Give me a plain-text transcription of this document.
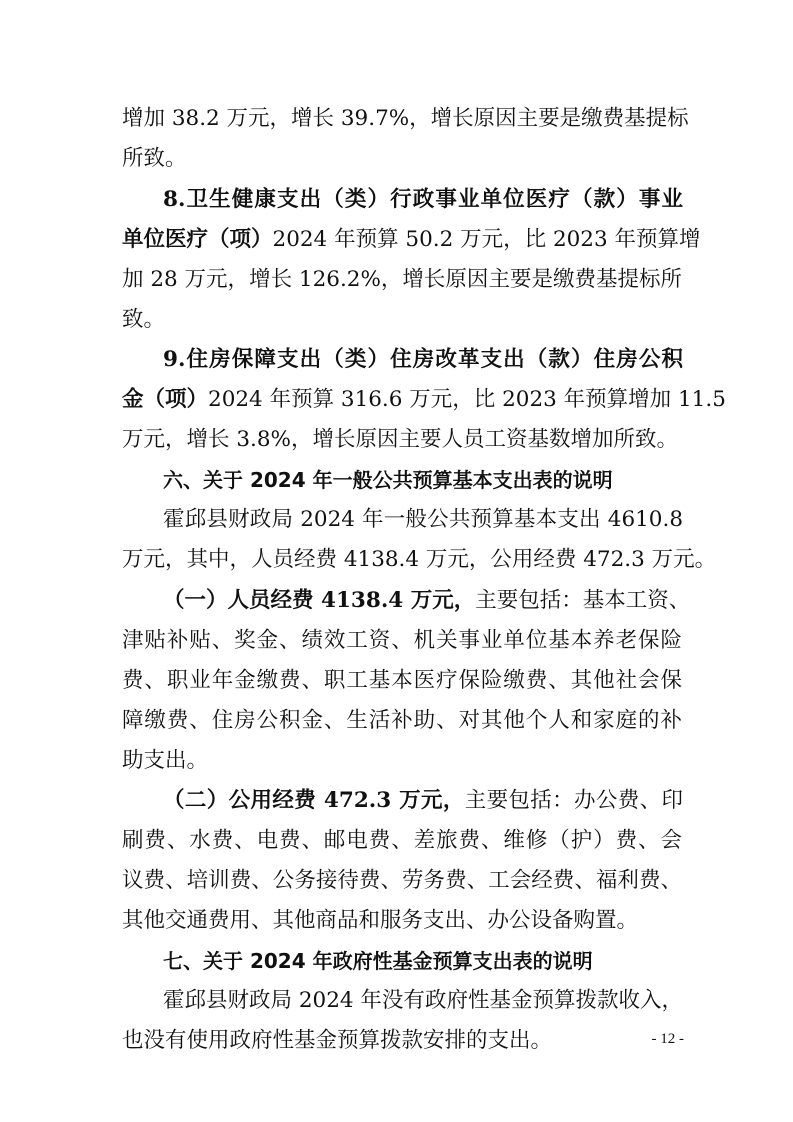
增加 38.2 万元，增长 39.7%，增长原因主要是缴费基提标
所致。
8.卫生健康支出（类）行政事业单位医疗（款）事业
单位医疗（项）2024 年预算 50.2 万元，比 2023 年预算增
加 28 万元，增长 126.2%，增长原因主要是缴费基提标所
致。
9.住房保障支出（类）住房改革支出（款）住房公积
金（项）2024 年预算 316.6 万元，比 2023 年预算增加 11.5
万元，增长 3.8%，增长原因主要人员工资基数增加所致。
六、关于 2024 年一般公共预算基本支出表的说明
霍邱县财政局 2024 年一般公共预算基本支出 4610.8
万元，其中，人员经费 4138.4 万元，公用经费 472.3 万元。
（一）人员经费 4138.4 万元，主要包括：基本工资、
津贴补贴、奖金、绩效工资、机关事业单位基本养老保险
费、职业年金缴费、职工基本医疗保险缴费、其他社会保
障缴费、住房公积金、生活补助、对其他个人和家庭的补
助支出。
（二）公用经费 472.3 万元，主要包括：办公费、印
刷费、水费、电费、邮电费、差旅费、维修（护）费、会
议费、培训费、公务接待费、劳务费、工会经费、福利费、
其他交通费用、其他商品和服务支出、办公设备购置。
七、关于 2024 年政府性基金预算支出表的说明
霍邱县财政局 2024 年没有政府性基金预算拨款收入，
也没有使用政府性基金预算拨款安排的支出。	- 12 -
